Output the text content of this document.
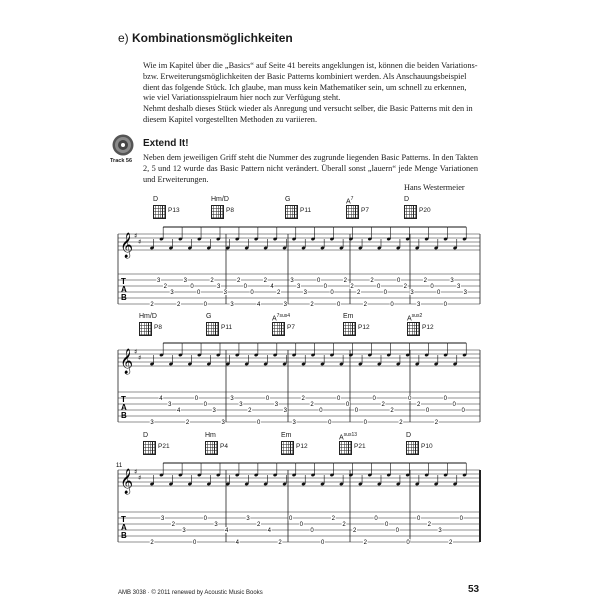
e) Kombinationsmöglichkeiten

Wie im Kapitel über die „Basics“ auf Seite 41 bereits angeklungen ist, können die beiden Variations- bzw. Erweiterungsmöglichkeiten der Basic Patterns kombiniert werden. Als Anschauungsbeispiel dient das folgende Stück. Ich glaube, man muss kein Mathematiker sein, um schnell zu erkennen, wie viel Variationsspielraum hier noch zur Verfügung steht.

Nehmt deshalb dieses Stück wieder als Anregung und versucht selber, die Basic Patterns mit den in diesem Kapitel vorgestellten Methoden zu variieren.

Track 56
Extend It!
Neben dem jeweiligen Griff steht die Nummer des zugrunde liegenden Basic Patterns. In den Takten 2, 5 und 12 wurde das Basic Pattern nicht verändert. Überall sonst „lauern“ jede Menge Variationen und Erweiterungen.
Hans Westermeier
D
P13
Hm/D
P8
G
P11
$A^7$
P7
D
P20
Hm/D
P8
G
P11
$A^{7sus4}$
P7
Em
P12
$A^{sus2}$
P12
D
P21
Hm
P4
Em
P12
$A^{sus13}$
P21
D
P10
𝄞 ♯
♯
T
A
B
2
3
2
3
2
3
0
0
0
2
3
3
3
2
0
0
4
2
4
2
3
3
3
3
2
0
0
0
0
2
2
2
2
2
0
0
0
0
2
3
3
2
0
0
0
3
3
3
𝄞 ♯
♯
T
A
B
3
4
3
4
2
0
0
3
3
3
3
2
0
0
3
3
3
2
2
0
0
0
0
0
0
0
2
2
2
0
2
0
2
0
0
0
𝄞 ♯
♯
T
A
B
11
2
3
2
3
0
0
3
4
4
3
2
4
2
0
0
0
0
2
2
2
2
0
0
0
0
0
2
3
2
0
AMB 3038 · © 2011 renewed by Acoustic Music Books	53
